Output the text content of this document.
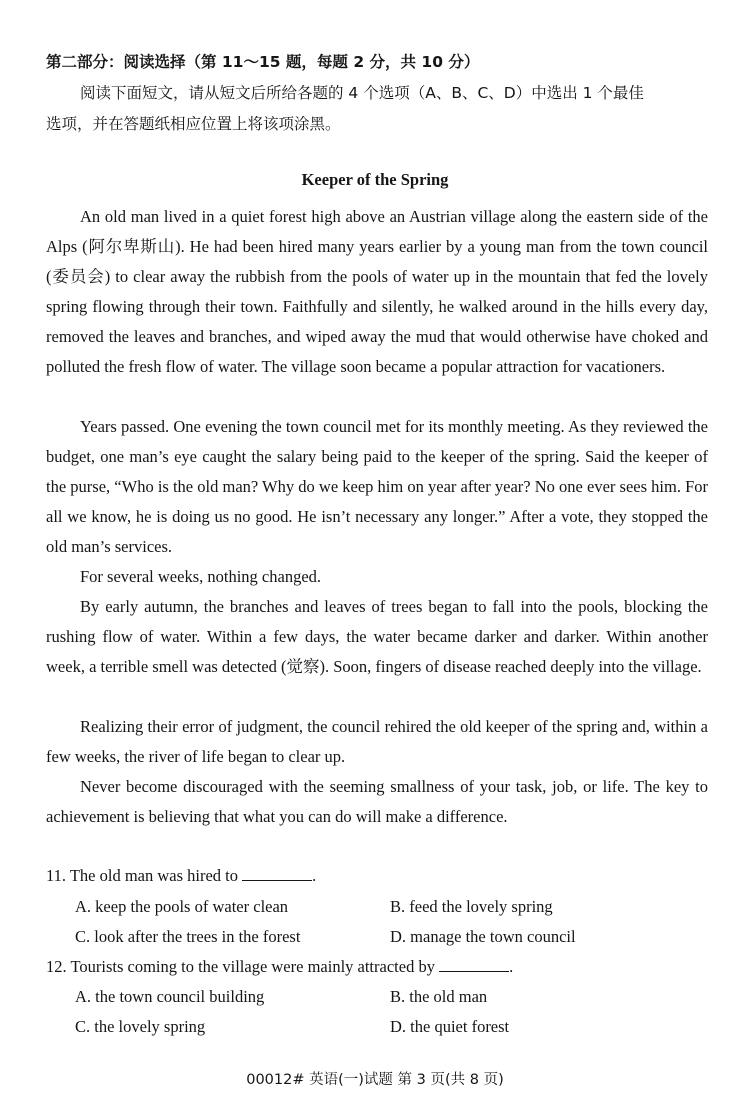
第二部分：阅读选择（第 11～15 题，每题 2 分，共 10 分）
阅读下面短文，请从短文后所给各题的 4 个选项（A、B、C、D）中选出 1 个最佳
选项，并在答题纸相应位置上将该项涂黑。
Keeper of the Spring

An old man lived in a quiet forest high above an Austrian village along the eastern side of the Alps (阿尔卑斯山). He had been hired many years earlier by a young man from the town council (委员会) to clear away the rubbish from the pools of water up in the mountain that fed the lovely spring flowing through their town. Faithfully and silently, he walked around in the hills every day, removed the leaves and branches, and wiped away the mud that would otherwise have choked and polluted the fresh flow of water. The village soon became a popular attraction for vacationers.

Years passed. One evening the town council met for its monthly meeting. As they reviewed the budget, one man’s eye caught the salary being paid to the keeper of the spring. Said the keeper of the purse, “Who is the old man? Why do we keep him on year after year? No one ever sees him. For all we know, he is doing us no good. He isn’t necessary any longer.” After a vote, they stopped the old man’s services.

For several weeks, nothing changed.

By early autumn, the branches and leaves of trees began to fall into the pools, blocking the rushing flow of water. Within a few days, the water became darker and darker. Within another week, a terrible smell was detected (觉察). Soon, fingers of disease reached deeply into the village.

Realizing their error of judgment, the council rehired the old keeper of the spring and, within a few weeks, the river of life began to clear up.

Never become discouraged with the seeming smallness of your task, job, or life. The key to achievement is believing that what you can do will make a difference.

11. The old man was hired to	.
A. keep the pools of water clean	B. feed the lovely spring
C. look after the trees in the forest	D. manage the town council
12. Tourists coming to the village were mainly attracted by	.
A. the town council building	B. the old man
C. the lovely spring	D. the quiet forest
00012# 英语(一)试题 第 3 页(共 8 页)
